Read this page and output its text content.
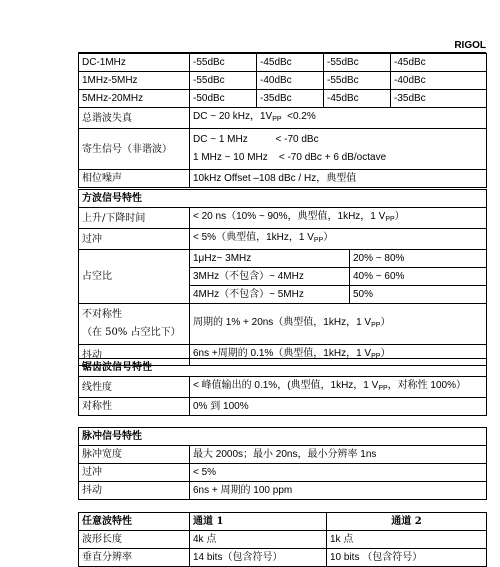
RIGOL
DC-1MHz	-55dBc	-45dBc	-55dBc	-45dBc
1MHz-5MHz	-55dBc	-40dBc	-55dBc	-40dBc
5MHz-20MHz	-50dBc	-35dBc	-45dBc	-35dBc
总谐波失真	DC ~ 20 kHz，$1V_{PP} <0.2\%$			
寄生信号（非谐波）	DC ~ 1 MHz          < -70 dBc
1 MHz ~ 10 MHz    < -70 dBc + 6 dB/octave			

相位噪声	10kHz Offset –108 dBc / Hz，典型值			
方波信号特性		
上升/下降时间	< 20 ns（10% ~ 90%，典型值，1kHz，1 $V_{PP}$）	
过冲	< 5%（典型值，1kHz，1 $V_{PP}$）	
占空比	1μHz~ 3MHz	20% ~ 80%
	3MHz（不包含）~ 4MHz	40% ~ 60%
	4MHz（不包含）~ 5MHz	50%

不对称性
（在 50% 占空比下）	周期的 1% + 20ns（典型值，1kHz，1 $V_{PP}$）	
抖动	6ns +周期的 0.1%（典型值，1kHz，1 $V_{PP}$）	
锯齿波信号特性	
线性度	< 峰值输出的 0.1%，(典型值，1kHz，1 $V_{PP}$，对称性 100%）
对称性	0% 到 100%
脉冲信号特性	
脉冲宽度	最大 2000s；最小 20ns，最小分辨率 1ns
过冲	< 5%
抖动	6ns + 周期的 100 ppm
任意波特性	通道 1	通道 2
波形长度	4k 点	1k 点
垂直分辨率	14 bits（包含符号）	10 bits （包含符号）
